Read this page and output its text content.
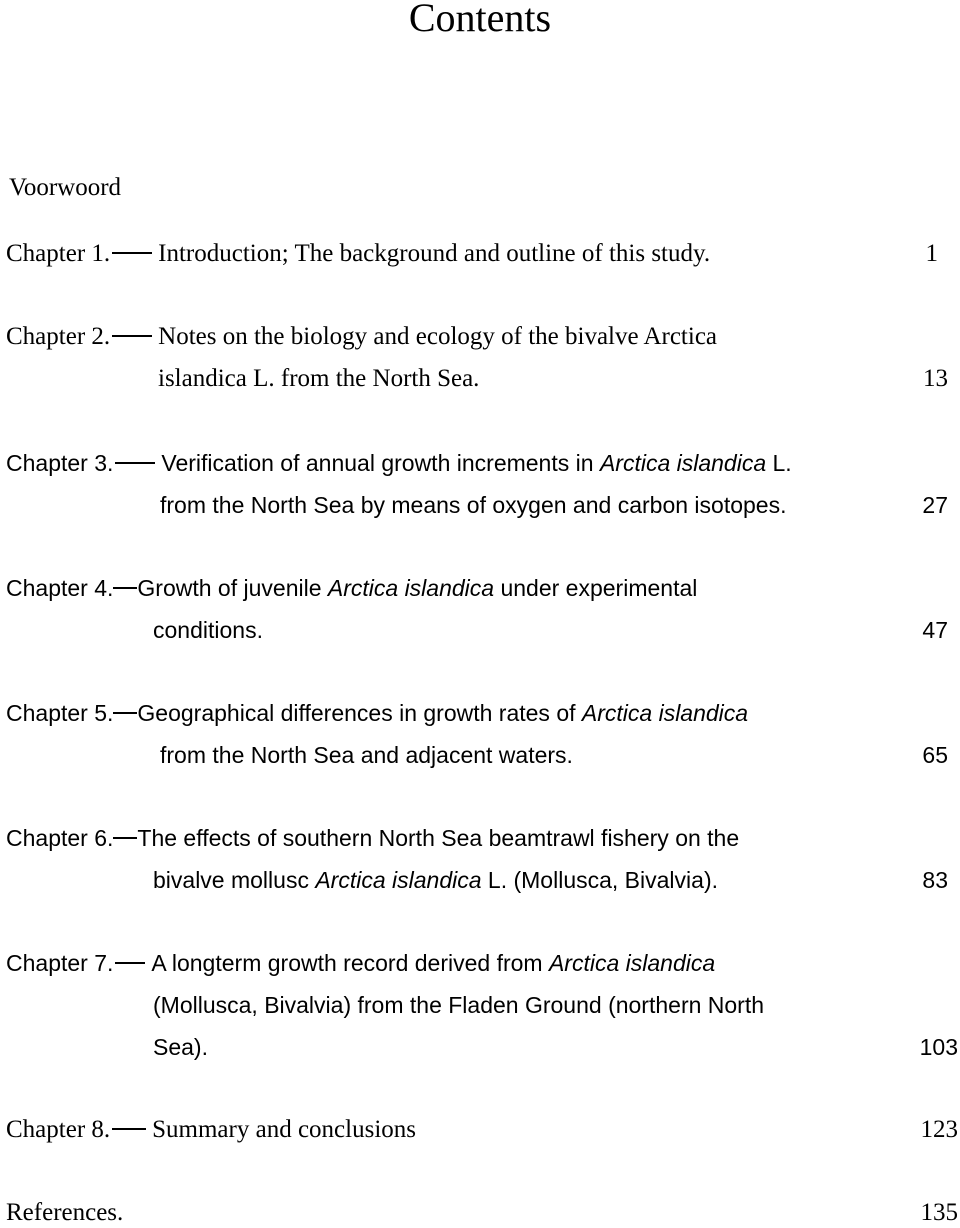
Contents
Voorwoord
Chapter 1. Introduction; The background and outline of this study.	1
Chapter 2. Notes on the biology and ecology of the bivalve Arctica
islandica L. from the North Sea.	13
Chapter 3. Verification of annual growth increments in Arctica islandica L.
from the North Sea by means of oxygen and carbon isotopes.	27
Chapter 4. Growth of juvenile Arctica islandica under experimental
conditions.	47
Chapter 5. Geographical differences in growth rates of Arctica islandica
from the North Sea and adjacent waters.	65
Chapter 6. The effects of southern North Sea beamtrawl fishery on the
bivalve mollusc Arctica islandica L. (Mollusca, Bivalvia).	83
Chapter 7. A longterm growth record derived from Arctica islandica
(Mollusca, Bivalvia) from the Fladen Ground (northern North
Sea).	103
Chapter 8. Summary and conclusions	123
References.	135
